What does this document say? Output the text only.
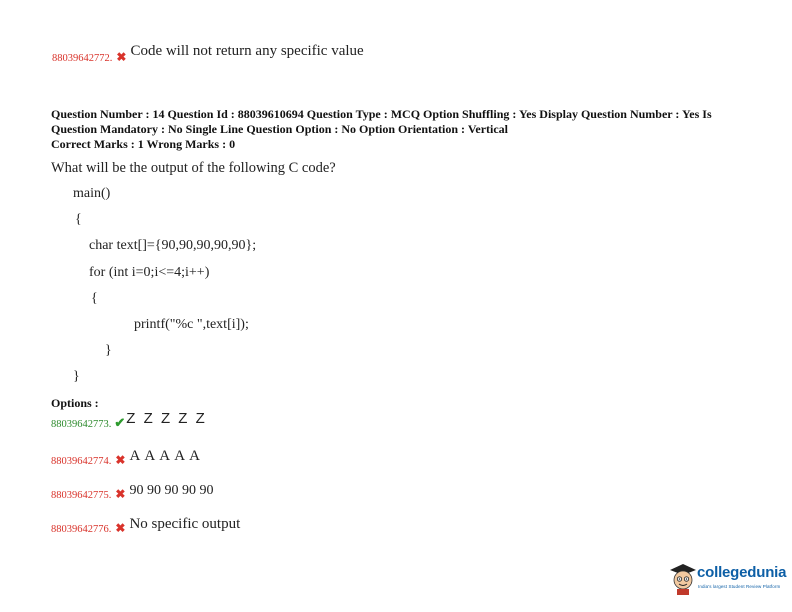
88039642772. ✖ Code will not return any specific value
Question Number : 14 Question Id : 88039610694 Question Type : MCQ Option Shuffling : Yes Display Question Number : Yes Is
Question Mandatory : No Single Line Question Option : No Option Orientation : Vertical
Correct Marks : 1 Wrong Marks : 0
What will be the output of the following C code?
main()
{
char text[]={90,90,90,90,90};
for (int i=0;i<=4;i++)
{
printf("%c ",text[i]);
}
}
Options :
88039642773. ✔Z Z Z Z Z
88039642774. ✖ A A A A A
88039642775. ✖ 90 90 90 90 90
88039642776. ✖ No specific output
collegedunia
India's largest Student Review Platform
